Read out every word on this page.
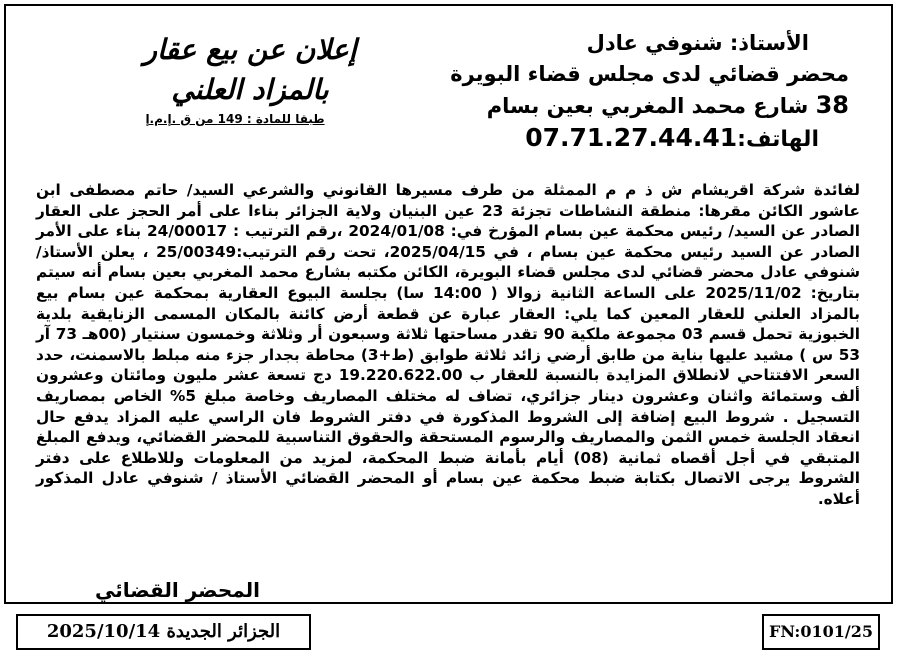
الأستاذ: شنوفي عادل
محضر قضائي لدى مجلس قضاء البويرة
38 شارع محمد المغربي بعين بسام
الهاتف:07.71.27.44.41
إعلان عن بيع عقار
بالمزاد العلني
طبقا للمادة : 149 من ق .إ.م.إ
لفائدة شركة اقريشام ش ذ م م الممثلة من طرف مسيرها القانوني والشرعي السيد/ حاتم مصطفى ابن عاشور الكائن مقرها: منطقة النشاطات تجزئة 23 عين البنيان ولاية الجزائر بناءا على أمر الحجز على العقار الصادر عن السيد/ رئيس محكمة عين بسام المؤرخ في: 2024/01/08 ،رقم الترتيب : 24/00017 بناء على الأمر الصادر عن السيد رئيس محكمة عين بسام ، في 2025/04/15، تحت رقم الترتيب:25/00349 ، يعلن الأستاذ/ شنوفي عادل محضر قضائي لدى مجلس قضاء البويرة، الكائن مكتبه بشارع محمد المغربي بعين بسام أنه سيتم بتاريخ: 2025/11/02 على الساعة الثانية زوالا ( 14:00 سا) بجلسة البيوع العقارية بمحكمة عين بسام بيع بالمزاد العلني للعقار المعين كما يلي: العقار عبارة عن قطعة أرض كائنة بالمكان المسمى الزنايقية بلدية الخبوزية تحمل قسم 03 مجموعة ملكية 90 تقدر مساحتها ثلاثة وسبعون أر وثلاثة وخمسون سنتيار (00هـ 73 آر 53 س ) مشيد عليها بناية من طابق أرضي زائد ثلاثة طوابق (ط+3) محاطة بجدار جزء منه مبلط بالاسمنت، حدد السعر الافتتاحي لانطلاق المزايدة بالنسبة للعقار ب 19.220.622.00 دج تسعة عشر مليون ومائتان وعشرون ألف وستمائة واثنان وعشرون دينار جزائري، تضاف له مختلف المصاريف وخاصة مبلغ 5% الخاص بمصاريف التسجيل . شروط البيع إضافة إلى الشروط المذكورة في دفتر الشروط فان الراسي عليه المزاد يدفع حال انعقاد الجلسة خمس الثمن والمصاريف والرسوم المستحقة والحقوق التناسبية للمحضر القضائي، ويدفع المبلغ المتبقي في أجل أقصاه ثمانية (08) أيام بأمانة ضبط المحكمة، لمزيد من المعلومات وللاطلاع على دفتر الشروط يرجى الاتصال بكتابة ضبط محكمة عين بسام أو المحضر القضائي الأستاذ / شنوفي عادل المذكور أعلاه.
المحضر القضائي
الجزائر الجديدة 2025/10/14	FN:0101/25
